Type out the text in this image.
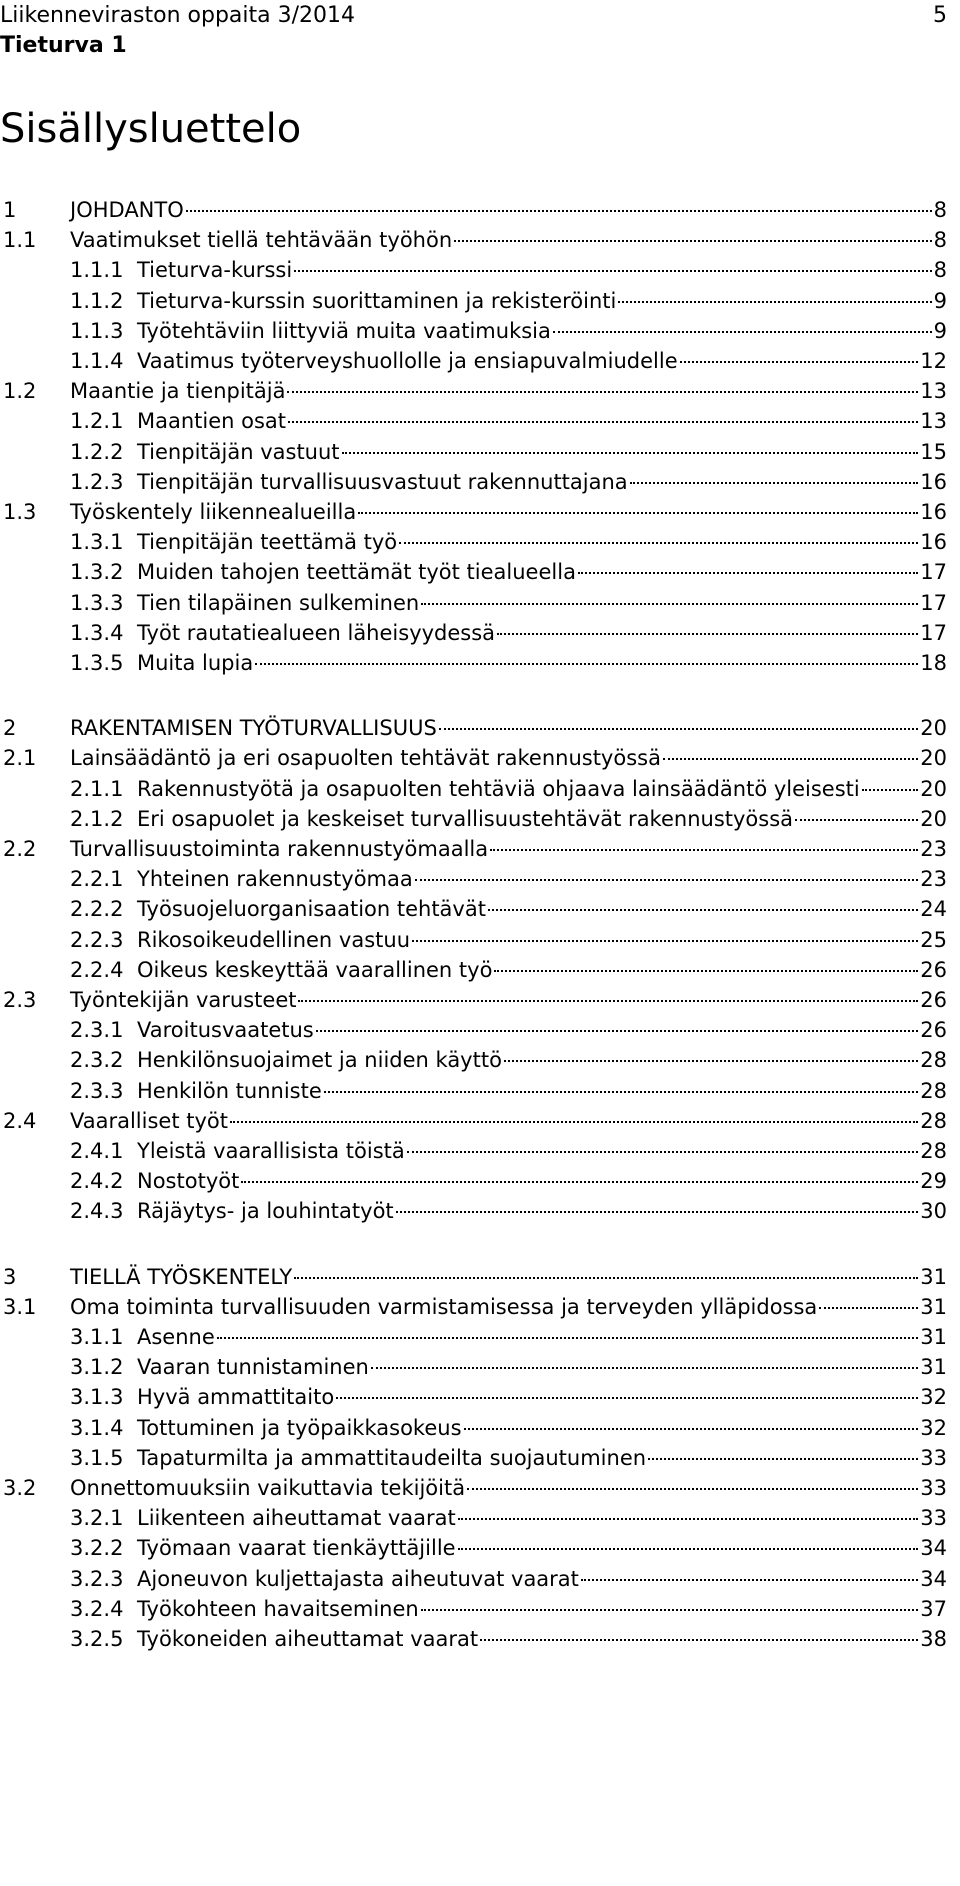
Liikenneviraston oppaita 3/2014
Tieturva 1
5
Sisällysluettelo
1	JOHDANTO	8
1.1 Vaatimukset tiellä tehtävään työhön	8
1.1.1 Tieturva-kurssi	8
1.1.2 Tieturva-kurssin suorittaminen ja rekisteröinti	9
1.1.3 Työtehtäviin liittyviä muita vaatimuksia	9
1.1.4 Vaatimus työterveyshuollolle ja ensiapuvalmiudelle	12
1.2 Maantie ja tienpitäjä	13
1.2.1 Maantien osat	13
1.2.2 Tienpitäjän vastuut	15
1.2.3 Tienpitäjän turvallisuusvastuut rakennuttajana	16
1.3 Työskentely liikennealueilla	16
1.3.1 Tienpitäjän teettämä työ	16
1.3.2 Muiden tahojen teettämät työt tiealueella	17
1.3.3 Tien tilapäinen sulkeminen	17
1.3.4 Työt rautatiealueen läheisyydessä	17
1.3.5 Muita lupia	18
2	RAKENTAMISEN TYÖTURVALLISUUS	20
2.1 Lainsäädäntö ja eri osapuolten tehtävät rakennustyössä	20
2.1.1 Rakennustyötä ja osapuolten tehtäviä ohjaava lainsäädäntö yleisesti	20
2.1.2 Eri osapuolet ja keskeiset turvallisuustehtävät rakennustyössä	20
2.2 Turvallisuustoiminta rakennustyömaalla	23
2.2.1 Yhteinen rakennustyömaa	23
2.2.2 Työsuojeluorganisaation tehtävät	24
2.2.3 Rikosoikeudellinen vastuu	25
2.2.4 Oikeus keskeyttää vaarallinen työ	26
2.3 Työntekijän varusteet	26
2.3.1 Varoitusvaatetus	26
2.3.2 Henkilönsuojaimet ja niiden käyttö	28
2.3.3 Henkilön tunniste	28
2.4 Vaaralliset työt	28
2.4.1 Yleistä vaarallisista töistä	28
2.4.2 Nostotyöt	29
2.4.3 Räjäytys- ja louhintatyöt	30
3	TIELLÄ TYÖSKENTELY	31
3.1 Oma toiminta turvallisuuden varmistamisessa ja terveyden ylläpidossa	31
3.1.1 Asenne	31
3.1.2 Vaaran tunnistaminen	31
3.1.3 Hyvä ammattitaito	32
3.1.4 Tottuminen ja työpaikkasokeus	32
3.1.5 Tapaturmilta ja ammattitaudeilta suojautuminen	33
3.2 Onnettomuuksiin vaikuttavia tekijöitä	33
3.2.1 Liikenteen aiheuttamat vaarat	33
3.2.2 Työmaan vaarat tienkäyttäjille	34
3.2.3 Ajoneuvon kuljettajasta aiheutuvat vaarat	34
3.2.4 Työkohteen havaitseminen	37
3.2.5 Työkoneiden aiheuttamat vaarat	38
